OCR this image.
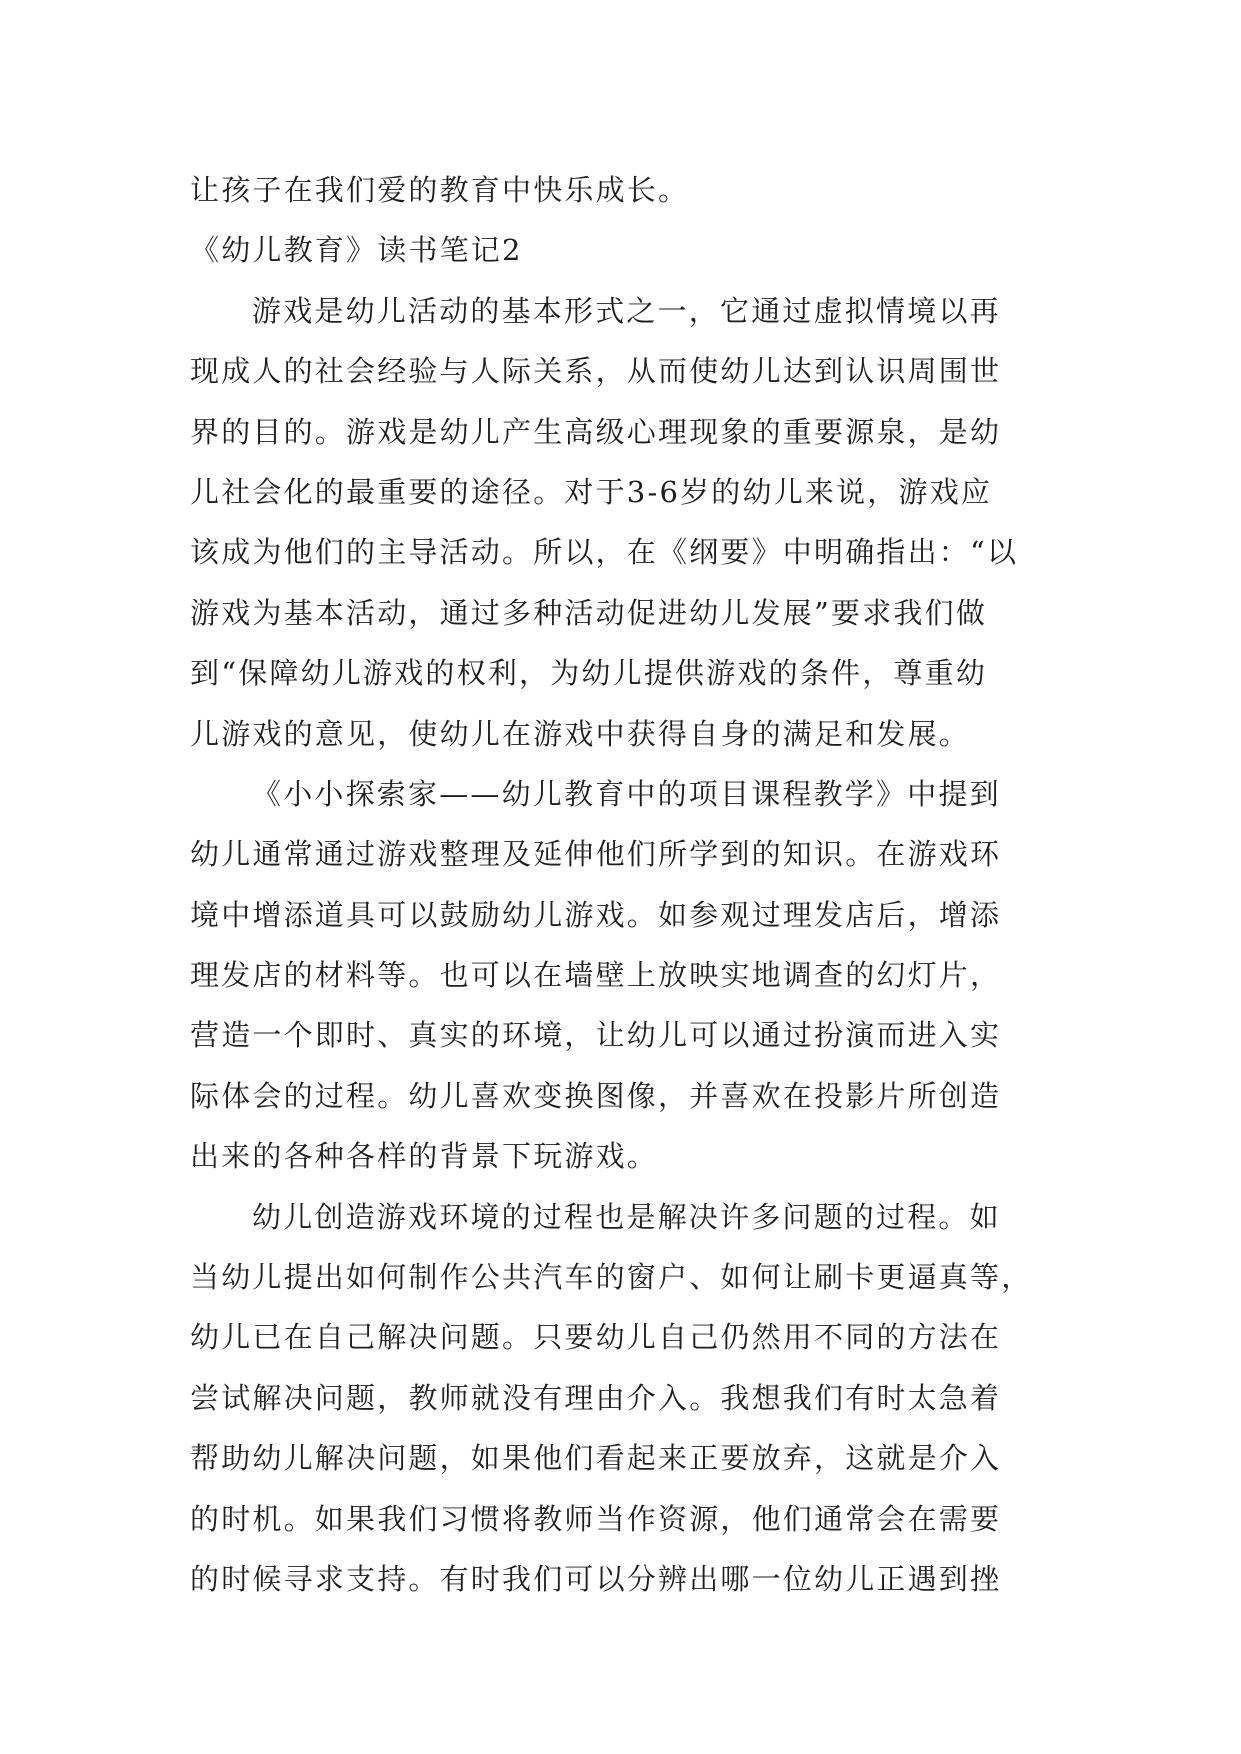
让孩子在我们爱的教育中快乐成长。
《幼儿教育》读书笔记2
游戏是幼儿活动的基本形式之一，它通过虚拟情境以再
现成人的社会经验与人际关系，从而使幼儿达到认识周围世
界的目的。游戏是幼儿产生高级心理现象的重要源泉，是幼
儿社会化的最重要的途径。对于3-6岁的幼儿来说，游戏应
该成为他们的主导活动。所以，在《纲要》中明确指出：“以
游戏为基本活动，通过多种活动促进幼儿发展”要求我们做
到“保障幼儿游戏的权利，为幼儿提供游戏的条件，尊重幼
儿游戏的意见，使幼儿在游戏中获得自身的满足和发展。
《小小探索家——幼儿教育中的项目课程教学》中提到
幼儿通常通过游戏整理及延伸他们所学到的知识。在游戏环
境中增添道具可以鼓励幼儿游戏。如参观过理发店后，增添
理发店的材料等。也可以在墙壁上放映实地调查的幻灯片，
营造一个即时、真实的环境，让幼儿可以通过扮演而进入实
际体会的过程。幼儿喜欢变换图像，并喜欢在投影片所创造
出来的各种各样的背景下玩游戏。
幼儿创造游戏环境的过程也是解决许多问题的过程。如
当幼儿提出如何制作公共汽车的窗户、如何让刷卡更逼真等，
幼儿已在自己解决问题。只要幼儿自己仍然用不同的方法在
尝试解决问题，教师就没有理由介入。我想我们有时太急着
帮助幼儿解决问题，如果他们看起来正要放弃，这就是介入
的时机。如果我们习惯将教师当作资源，他们通常会在需要
的时候寻求支持。有时我们可以分辨出哪一位幼儿正遇到挫
